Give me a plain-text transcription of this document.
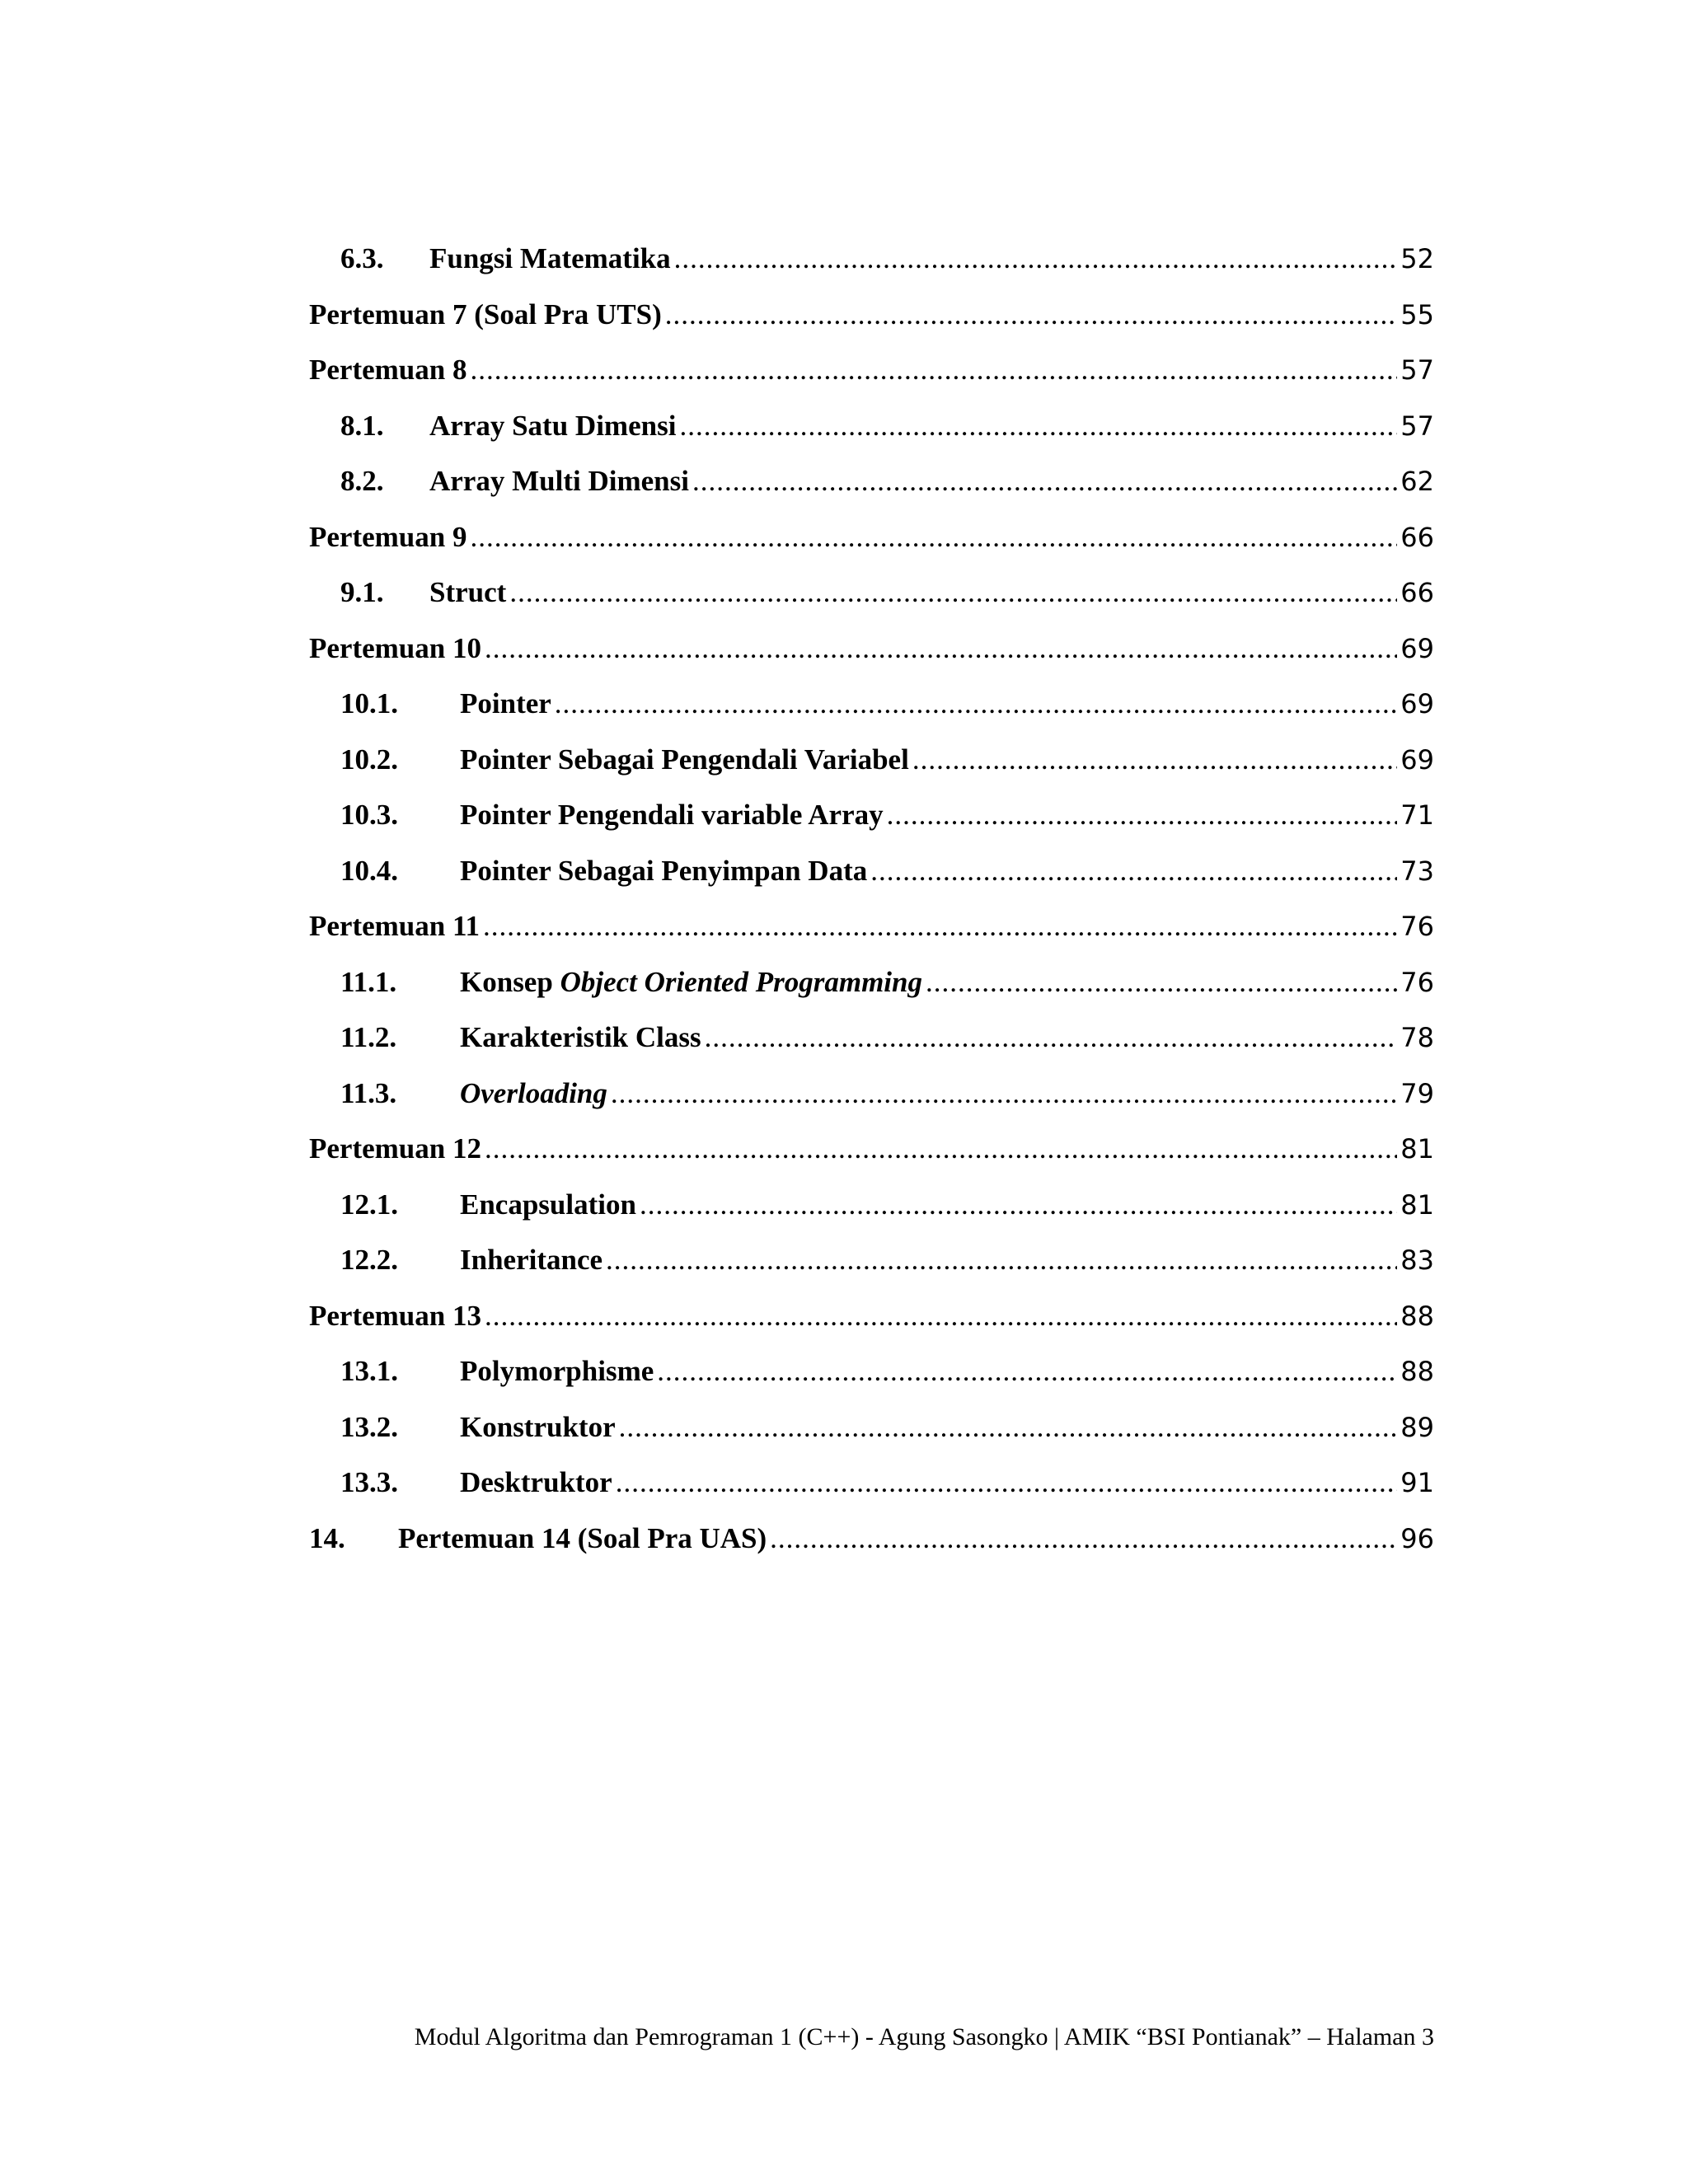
6.3.	Fungsi Matematika .....	52
Pertemuan 7 (Soal Pra UTS) .....	55
Pertemuan 8 .....	57
8.1.	Array Satu Dimensi .....	57
8.2.	Array Multi Dimensi .....	62
Pertemuan 9 .....	66
9.1.	Struct .....	66
Pertemuan 10 .....	69
10.1.	Pointer .....	69
10.2.	Pointer Sebagai Pengendali Variabel .....	69
10.3.	Pointer Pengendali variable Array .....	71
10.4.	Pointer Sebagai Penyimpan Data .....	73
Pertemuan 11 .....	76
11.1.	Konsep Object Oriented Programming .....	76
11.2.	Karakteristik Class .....	78
11.3.	Overloading .....	79
Pertemuan 12 .....	81
12.1.	Encapsulation .....	81
12.2.	Inheritance .....	83
Pertemuan 13 .....	88
13.1.	Polymorphisme .....	88
13.2.	Konstruktor .....	89
13.3.	Desktruktor .....	91
14.	Pertemuan 14 (Soal Pra UAS) .....	96
Modul Algoritma dan Pemrograman 1 (C++) - Agung Sasongko | AMIK “BSI Pontianak” – Halaman 3
